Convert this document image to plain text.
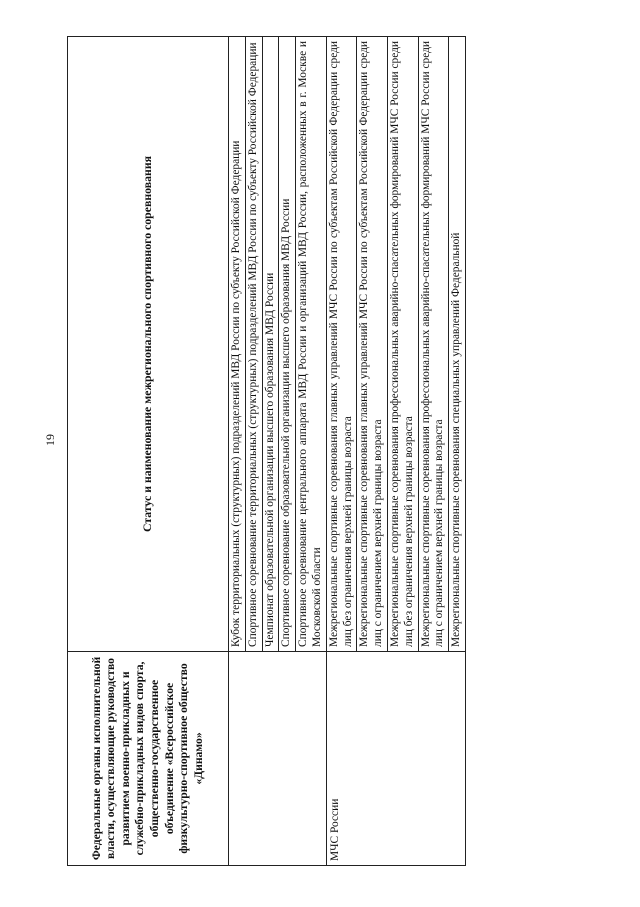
19
Федеральные органы исполнительной власти, осуществляющие руководство развитием военно-прикладных и служебно-прикладных видов спорта, общественно-государственное объединение «Всероссийское физкультурно-спортивное общество «Динамо»	Статус и наименование межрегионального спортивного соревнования
	Кубок территориальных (структурных) подразделений МВД России по субъекту Российской Федерации
	Спортивное соревнование территориальных (структурных) подразделений МВД России по субъекту Российской Федерации
	Чемпионат образовательной организации высшего образования МВД России
	Спортивное соревнование образовательной организации высшего образования МВД России
	Спортивное соревнование центрального аппарата МВД России и организаций МВД России, расположенных в г. Москве и Московской области
МЧС России	Межрегиональные спортивные соревнования главных управлений МЧС России по субъектам Российской Федерации среди лиц без ограничения верхней границы возраста
	Межрегиональные спортивные соревнования главных управлений МЧС России по субъектам Российской Федерации среди лиц с ограничением верхней границы возраста
	Межрегиональные спортивные соревнования профессиональных аварийно-спасательных формирований МЧС России среди лиц без ограничения верхней границы возраста
	Межрегиональные спортивные соревнования профессиональных аварийно-спасательных формирований МЧС России среди лиц с ограничением верхней границы возраста
	Межрегиональные спортивные соревнования специальных управлений Федеральной
